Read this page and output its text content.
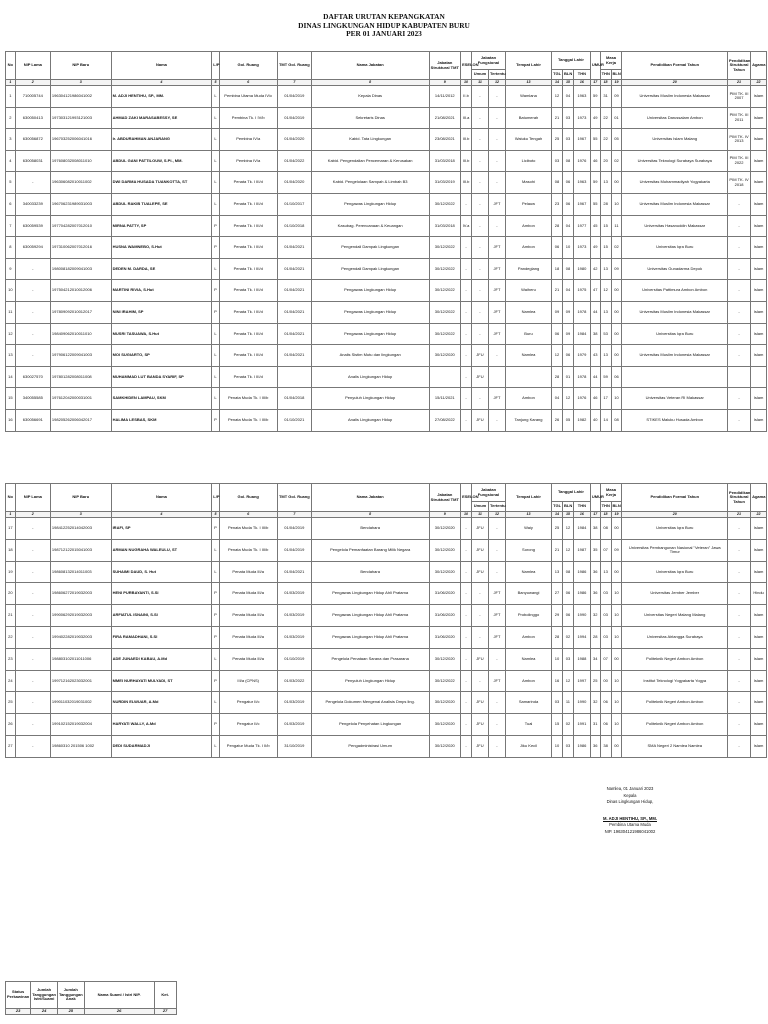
DAFTAR URUTAN KEPANGKATAN
DINAS LINGKUNGAN HIDUP KABUPATEN BURU
PER 01 JANUARI 2023
No	NIP Lama	NIP Baru	Nama	L/P	Gol. Ruang	TMT Gol. Ruang	Nama Jabatan	Jabatan Struktural TMT	ESELON	Jabatan Fungsional		Tempat Lahir	Tanggal Lahir			UMUR	Masa Kerja		Pendidikan Formal Tahun	Pendidikan Struktural Tahun	Agama
										Umum	Tertentu		TGL	BLN	THN		THN	BLN			
1	2	3	4	5	6	7	8	9	10	11	12	13	14	15	16	17	18	19	20	21	22
1	710005744	196304121986041002	M. ADJI HENTIHU, SP., MM.	L	Pembina Utama Muda IV/c	01/04/2019	Kepala Dinas	14/11/2012	II.b	-	-	Wamlana	12	04	1963	59	31	09	Universitas Muslim Indonesia Makassar	PIM TK. III 2007	Islam
2	630050413	197303121993121003	AHMAD ZAKI MARASABESSY, SE	L	Pembina Tk. I IV/b	01/04/2019	Sekretaris Dinas	21/08/2021	III.a	-	-	Batumerah	21	03	1973	49	22	01	Universitas Darussalam Ambon	PIM TK. III 2011	Islam
3	630056872	196703252006041016	Ir. ABDURAHMAN ANJARANG	L	Pembina IV/a	01/04/2020	Kabid. Tata Lingkungan	23/08/2021	III.b	-	-	Waiuku Tengah	25	03	1967	55	22	05	Universitas Islam Malang	PIM TK. IV 2013	Islam
4	630058031	197608032008011010	ABDUL GANI PATTILOUW, S.PI., MM.	L	Pembina IV/a	01/04/2022	Kabid. Pengendalian Pencemaran & Kerusakan	31/03/2018	III.b	-	-	Liciboto	03	08	1976	46	20	02	Universitas Teknologi Surabaya Surabaya	PIM TK. III 2022	Islam
5	-	196306082010011002	DWI DARMA HUSADA TUANKOTTA, ST	L	Penata Tk. I III/d	01/04/2020	Kabid. Pengelolaan Sampah & Limbah B3	31/03/2019	III.b	-	-	Masohi	08	06	1963	59	13	00	Universitas Muhammadiyah Yogyakarta	PIM TK. IV 2018	Islam
6	340033239	196706231989031003	ABDUL RAKIB TUALEPE, SE	L	Penata Tk. I III/d	01/10/2017	Pengawas Lingkungan Hidup	30/12/2022	-	-	JFT	Pelauw	23	06	1967	55	28	10	Universitas Muslim Indonesia Makassar	-	Islam
7	630059539	197704282007012010	MIRNA PATTY, SP	P	Penata Tk. I III/d	01/10/2018	Kasubag. Perencanaan & Keuangan	31/03/2018	IV.a	-	-	Ambon	28	04	1977	45	15	11	Universitas Hasanuddin Makassar	-	Islam
8	630059294	197310062007012016	HUSNA WAMNEBO, S.Hut	P	Penata Tk. I III/d	01/04/2021	Pengendali Dampak Lingkungan	30/12/2022	-	-	JFT	Ambon	06	10	1973	49	15	02	Universitas Iqra Buru	-	Islam
9	-	198008182009041003	DEDEN M. DARDA, SE	L	Penata Tk. I III/d	01/04/2021	Pengendali Dampak Lingkungan	30/12/2022	-	-	JFT	Pandeglang	18	08	1980	42	13	09	Universitas Gunadarma Depok	-	Islam
10	-	197504212010012006	MARTINI RIVIA, S.Hut	P	Penata Tk. I III/d	01/04/2021	Pengawas Lingkungan Hidup	30/12/2022	-	-	JFT	Waiheru	21	04	1975	47	12	00	Universitas Pattimura Ambon Ambon	-	Islam
11	-	197809092010012017	NINI IRAHIM, SP	P	Penata Tk. I III/d	01/04/2021	Pengawas Lingkungan Hidup	30/12/2022	-	-	JFT	Namlea	09	09	1978	44	13	00	Universitas Muslim Indonesia Makassar	-	Islam
12	-	198409062010011010	MUSRI TASUAWA, S.Hut	L	Penata Tk. I III/d	01/04/2021	Pengawas Lingkungan Hidup	30/12/2022	-	-	JFT	Buru	06	09	1984	38	53	00	Universitas Iqra Buru	-	Islam
13	-	197906122009041003	MOI SUGIARTO, SP	L	Penata Tk. I III/d	01/04/2021	Analis Sistim Mutu dan lingkungan	30/12/2020	-	JFU	-	Namlea	12	06	1979	43	13	00	Universitas Muslim Indonesia Makassar	-	Islam
14	630027570	197801282008011008	MUHAMMAD LUT BANDA SYARIF, SP	L	Penata Tk. I III/d		Analis Lingkungan Hidup		-	JFU			28	01	1978	44	59	06			
15	340055585	197612042000031001	SAMKHIDEN LAMPAU, SKM	L	Penata Muda Tk. I III/b	01/04/2018	Penyuluh Lingkungan Hidup	15/11/2021	-	-	JFT	Ambon	04	12	1976	46	17	10	Universitas Veteran RI Makassar	-	Islam
16	630056691	198205262006042017	HALIMA LESBAS, SKM	P	Penata Muda Tk. I III/b	01/10/2021	Analis Lingkungan Hidup	27/08/2022	-	JFU	-	Tanjung Karang	26	05	1982	40	14	08	STIKES Maluku Husada Ambon	-	Islam
No	NIP Lama	NIP Baru	Nama	L/P	Gol. Ruang	TMT Gol. Ruang	Nama Jabatan	Jabatan Struktural TMT	ESELON	Jabatan Fungsional		Tempat Lahir	Tanggal Lahir			UMUR	Masa Kerja		Pendidikan Formal Tahun	Pendidikan Struktural Tahun	Agama
										Umum	Tertentu		TGL	BLN	THN		THN	BLN			
1	2	3	4	5	6	7	8	9	10	11	12	13	14	15	16	17	18	19	20	21	22
17	-	198412252014042003	IRAFI, SP	P	Penata Muda Tk. I III/b	01/04/2019	Bendahara	30/12/2020	-	JFU	-	Waiy	25	12	1984	38	08	00	Universitas Iqra Buru	-	Islam
18	-	198712122015041003	ARMAN NUGRAHA WALEULU, ST	L	Penata Muda Tk. I III/b	01/04/2019	Pengelola Pemanfaatan Barang Milik Negara	30/12/2020	-	JFU	-	Sorong	21	12	1987	35	07	09	Universitas Pembangunan Nasional "Veteran" Jawa Timur	-	Islam
19	-	198608132014011003	SUHAIMI DAUD, S. Hut	L	Penata Muda III/a	01/04/2021	Bendahara	30/12/2020	-	JFU	-	Namlea	13	08	1986	36	13	00	Universitas Iqra Buru	-	Islam
20	-	198606272019032003	HENI PURBAYANTI, S.SI	P	Penata Muda III/a	01/03/2019	Pengawas Lingkungan Hidup Ahli Pratama	31/06/2020	-	-	JFT	Banyuwangi	27	06	1986	36	03	10	Universitas Jember Jember	-	Hindu
21	-	199006292019032003	ARFIATUL ISNAINI, S.SI	P	Penata Muda III/a	01/03/2019	Pengawas Lingkungan Hidup Ahli Pratama	31/06/2020	-	-	JFT	Probolinggo	29	06	1990	32	03	10	Universitas Negeri Malang Malang	-	Islam
22	-	199402282019032003	FIRA RAMADHANI, S.SI	P	Penata Muda III/a	01/03/2019	Pengawas Lingkungan Hidup Ahli Pratama	31/06/2020	-	-	JFT	Ambon	28	02	1994	28	03	10	Universitas Airlangga Surabaya	-	Islam
23	-	198803102011011006	ADE JUNAEDI KABAU, A.Md	L	Penata Muda III/a	01/10/2019	Pengelola Penataan Sarana dan Prasarana	30/12/2020	-	JFU	-	Namlea	10	03	1988	34	07	00	Politeknik Negeri Ambon Ambon	-	Islam
24	-	199712162023032001	MMEI NURHAYATI MULYADI, ST	P	III/a (CPNS)	01/03/2022	Penyuluh Lingkungan Hidup	30/12/2022	-	-	JFT	Ambon	16	12	1997	25	00	10	Institut Teknologi Yogyakarta Yogya	-	Islam
25	-	199011032019031002	NURDIN ELWUAR, A.Md	L	Pengatur II/c	01/03/2019	Pengelola Dokumen Mengenai Analisis Dmps ling.	30/12/2020	-	JFU	-	Samarinda	03	11	1990	32	06	10	Politeknik Negeri Ambon Ambon	-	Islam
26	-	199102152019032004	HARYATI WALLY, A.Md	P	Pengatur II/c	01/03/2019	Pengelola Penyehatan Lingkungan	30/12/2020	-	JFU	-	Tual	15	02	1991	31	06	10	Politeknik Negeri Ambon Ambon	-	Islam
27	-	19860310 201506 1002	DEDI SUDARMADJI	L	Pengatur Muda Tk. I II/b	31/10/2019	Pengadministrasi Umum	30/12/2020	-	JFU	-	Jiku Kecil	10	03	1986	36	38	00	SMA Negeri 2 Namlea Namlea	-	Islam
Namlea, 01 Januari 2023
Kepala
Dinas Lingkungan Hidup,
M. ADJI HENTIHU, SP., MM.
Pembina Utama Muda
NIP. 196304121986041002
Status Perkawinan	Jumlah Tanggungan Istri/Suami	Jumlah Tanggungan Anak	Nama Suami / Istri NIP.	Ket.
23	24	25	26	27
